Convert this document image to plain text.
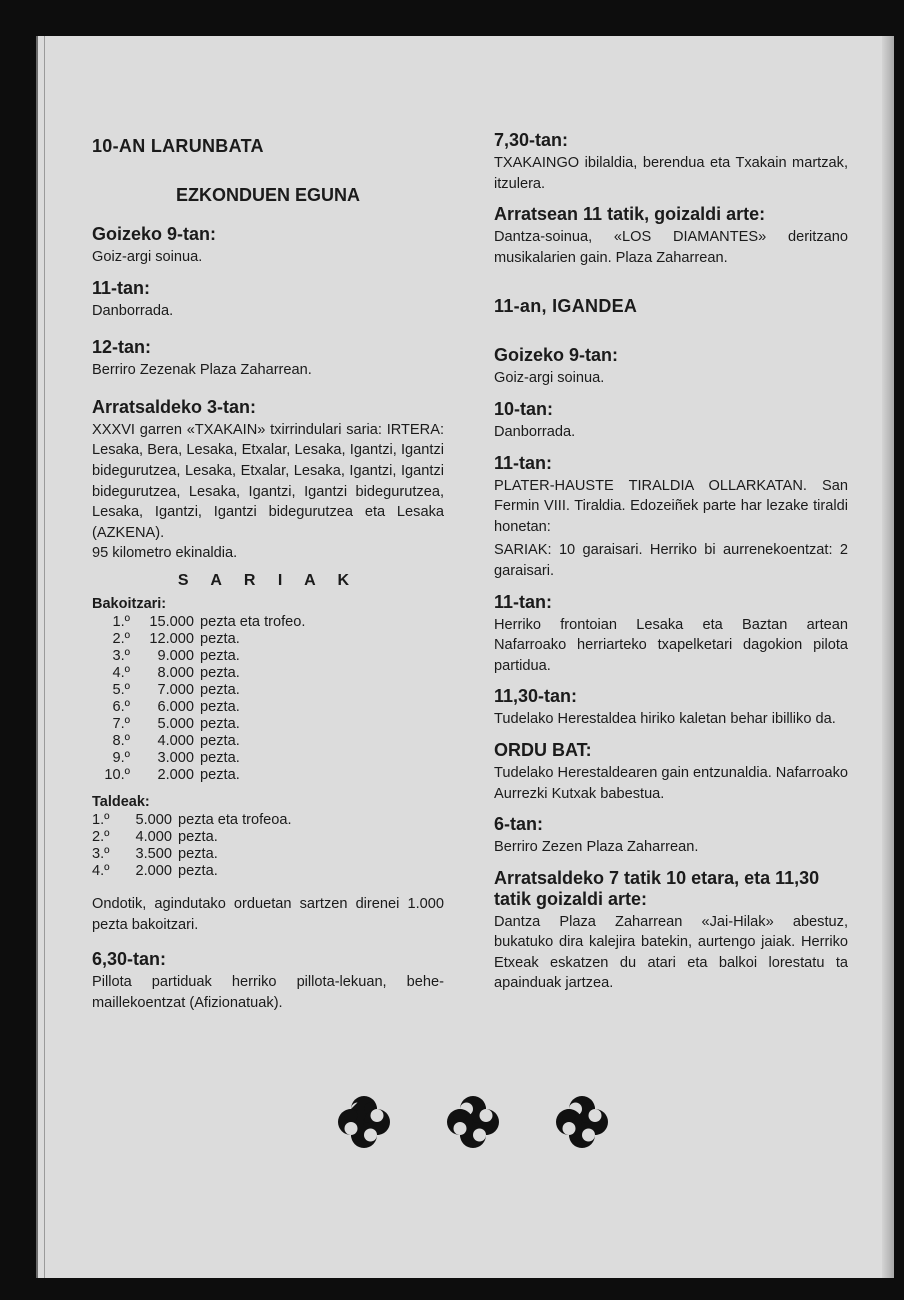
10-AN LARUNBATA
EZKONDUEN EGUNA
Goizeko 9-tan:

Goiz-argi soinua.

11-tan:

Danborrada.

12-tan:

Berriro Zezenak Plaza Zaharrean.

Arratsaldeko 3-tan:

XXXVI garren «TXAKAIN» txirrindulari saria: IRTERA: Lesaka, Bera, Lesaka, Etxalar, Lesaka, Igantzi, Igantzi bidegurutzea, Lesaka, Etxalar, Lesaka, Igantzi, Igantzi bidegurutzea, Lesaka, Igantzi, Igantzi bidegurutzea, Lesaka, Igantzi, Igantzi bidegurutzea eta Lesaka (AZKENA).

95 kilometro ekinaldia.

S A R I A K
Bakoitzari:
1.º	15.000 pezta eta trofeo.
2.º	12.000 pezta.
3.º	9.000 pezta.
4.º	8.000 pezta.
5.º	7.000 pezta.
6.º	6.000 pezta.
7.º	5.000 pezta.
8.º	4.000 pezta.
9.º	3.000 pezta.
10.º	2.000 pezta.
Taldeak:
1.º	5.000 pezta eta trofeoa.
2.º	4.000 pezta.
3.º	3.500 pezta.
4.º	2.000 pezta.

Ondotik, agindutako orduetan sartzen direnei 1.000 pezta bakoitzari.

6,30-tan:

Pillota partiduak herriko pillota-lekuan, behe-maillekoentzat (Afizionatuak).

7,30-tan:

TXAKAINGO ibilaldia, berendua eta Txakain martzak, itzulera.

Arratsean 11 tatik, goizaldi arte:

Dantza-soinua, «LOS DIAMANTES» deritzano musikalarien gain. Plaza Zaharrean.

11-an, IGANDEA
Goizeko 9-tan:

Goiz-argi soinua.

10-tan:

Danborrada.

11-tan:

PLATER-HAUSTE TIRALDIA OLLARKATAN. San Fermin VIII. Tiraldia. Edozeiñek parte har lezake tiraldi honetan:

SARIAK: 10 garaisari. Herriko bi aurrenekoentzat: 2 garaisari.

11-tan:

Herriko frontoian Lesaka eta Baztan artean Nafarroako herriarteko txapelketari dagokion pilota partidua.

11,30-tan:

Tudelako Herestaldea hiriko kaletan behar ibilliko da.

ORDU BAT:

Tudelako Herestaldearen gain entzunaldia. Nafarroako Aurrezki Kutxak babestua.

6-tan:

Berriro Zezen Plaza Zaharrean.

Arratsaldeko 7 tatik 10 etara, eta 11,30 tatik goizaldi arte:

Dantza Plaza Zaharrean «Jai-Hilak» abestuz, bukatuko dira kalejira batekin, aurtengo jaiak. Herriko Etxeak eskatzen du atari eta balkoi lorestatu ta apainduak jartzea.
